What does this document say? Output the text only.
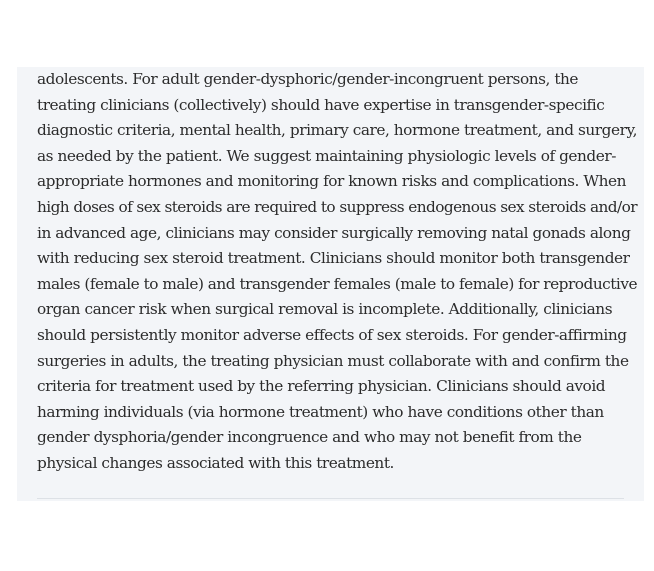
adolescents. For adult gender-dysphoric/gender-incongruent persons, the
treating clinicians (collectively) should have expertise in transgender-specific
diagnostic criteria, mental health, primary care, hormone treatment, and surgery,
as needed by the patient. We suggest maintaining physiologic levels of gender-
appropriate hormones and monitoring for known risks and complications. When
high doses of sex steroids are required to suppress endogenous sex steroids and/or
in advanced age, clinicians may consider surgically removing natal gonads along
with reducing sex steroid treatment. Clinicians should monitor both transgender
males (female to male) and transgender females (male to female) for reproductive
organ cancer risk when surgical removal is incomplete. Additionally, clinicians
should persistently monitor adverse effects of sex steroids. For gender-affirming
surgeries in adults, the treating physician must collaborate with and confirm the
criteria for treatment used by the referring physician. Clinicians should avoid
harming individuals (via hormone treatment) who have conditions other than
gender dysphoria/gender incongruence and who may not benefit from the
physical changes associated with this treatment.
